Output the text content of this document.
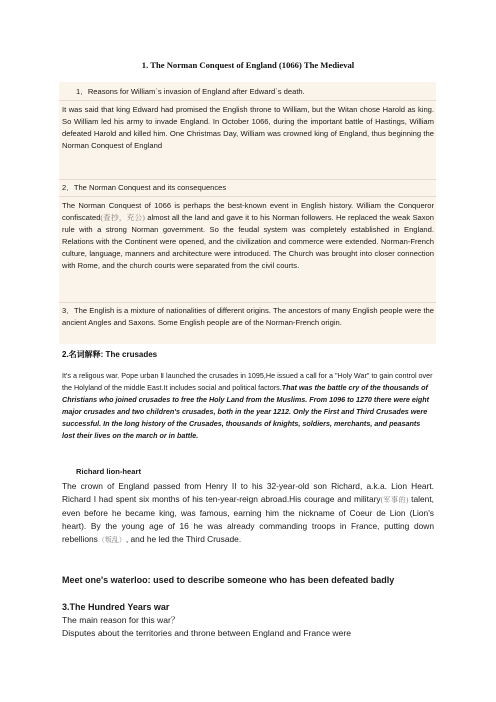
1. The Norman Conquest of England (1066) The Medieval
1．Reasons for William`s invasion of England after Edward`s death.
It was said that king Edward had promised the English throne to William, but the Witan chose Harold as king. So William led his army to invade England. In October 1066, during the important battle of Hastings, William defeated Harold and killed him. One Christmas Day, William was crowned king of England, thus beginning the Norman Conquest of England
2．The Norman Conquest and its consequences
The Norman Conquest of 1066 is perhaps the best-known event in English history. William the Conqueror confiscated(查抄，充公) almost all the land and gave it to his Norman followers. He replaced the weak Saxon rule with a strong Norman government. So the feudal system was completely established in England. Relations with the Continent were opened, and the civilization and commerce were extended. Norman-French culture, language, manners and architecture were introduced. The Church was brought into closer connection with Rome, and the church courts were separated from the civil courts.
3．The English is a mixture of nationalities of different origins. The ancestors of many English people were the ancient Angles and Saxons. Some English people are of the Norman-French origin.
2.名词解释: The crusades
It's a religous war. Pope urban Ⅱ launched the crusades in 1095,He issued a call for a "Holy War" to gain control over the Holyland of the middle East.It includes social and political factors.That was the battle cry of the thousands of Christians who joined crusades to free the Holy Land from the Muslims. From 1096 to 1270 there were eight major crusades and two children's crusades, both in the year 1212. Only the First and Third Crusades were successful. In the long history of the Crusades, thousands of knights, soldiers, merchants, and peasants lost their lives on the march or in battle.
Richard lion-heart
The crown of England passed from Henry II to his 32-year-old son Richard, a.k.a. Lion Heart. Richard I had spent six months of his ten-year-reign abroad.His courage and military(军事的) talent, even before he became king, was famous, earning him the nickname of Coeur de Lion (Lion's heart). By the young age of 16 he was already commanding troops in France, putting down rebellions（叛乱）, and he led the Third Crusade.
Meet one's waterloo: used to describe someone who has been defeated badly
3.The Hundred Years war
The main reason for this war？
Disputes about the territories and throne between England and France were
